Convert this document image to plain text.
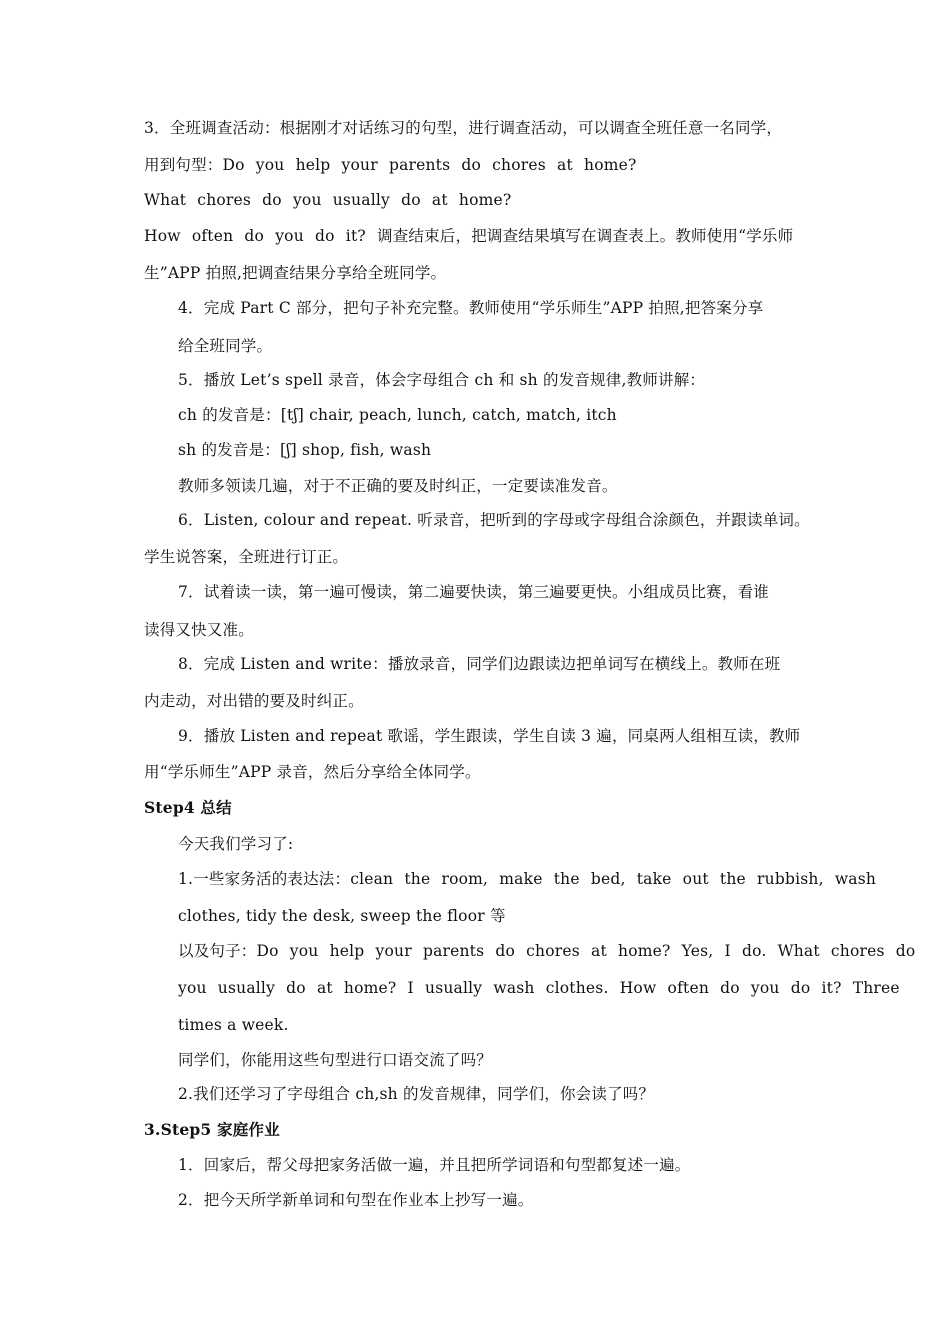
3．全班调查活动：根据刚才对话练习的句型，进行调查活动，可以调查全班任意一名同学，
用到句型：Do you help your parents do chores at home?
What chores do you usually do at home?
How often do you do it? 调查结束后，把调查结果填写在调查表上。教师使用“学乐师
生”APP 拍照,把调查结果分享给全班同学。
4．完成 Part C 部分，把句子补充完整。教师使用“学乐师生”APP 拍照,把答案分享
给全班同学。
5．播放 Let’s spell 录音，体会字母组合 ch 和 sh 的发音规律,教师讲解：
ch 的发音是：[tʃ] chair, peach, lunch, catch, match, itch
sh 的发音是：[ʃ] shop, fish, wash
教师多领读几遍，对于不正确的要及时纠正，一定要读准发音。
6．Listen, colour and repeat. 听录音，把听到的字母或字母组合涂颜色，并跟读单词。
学生说答案，全班进行订正。
7．试着读一读，第一遍可慢读，第二遍要快读，第三遍要更快。小组成员比赛，看谁
读得又快又准。
8．完成 Listen and write：播放录音，同学们边跟读边把单词写在横线上。教师在班
内走动，对出错的要及时纠正。
9．播放 Listen and repeat 歌谣，学生跟读，学生自读 3 遍，同桌两人组相互读，教师
用“学乐师生”APP 录音，然后分享给全体同学。
Step4 总结
今天我们学习了:
1.一些家务活的表达法：clean the room, make the bed, take out the rubbish, wash
clothes, tidy the desk, sweep the floor 等
以及句子：Do you help your parents do chores at home? Yes, I do. What chores do
you usually do at home? I usually wash clothes. How often do you do it? Three
times a week.
同学们，你能用这些句型进行口语交流了吗？
2.我们还学习了字母组合 ch,sh 的发音规律，同学们，你会读了吗？
3.Step5 家庭作业
1．回家后，帮父母把家务活做一遍，并且把所学词语和句型都复述一遍。
2．把今天所学新单词和句型在作业本上抄写一遍。
